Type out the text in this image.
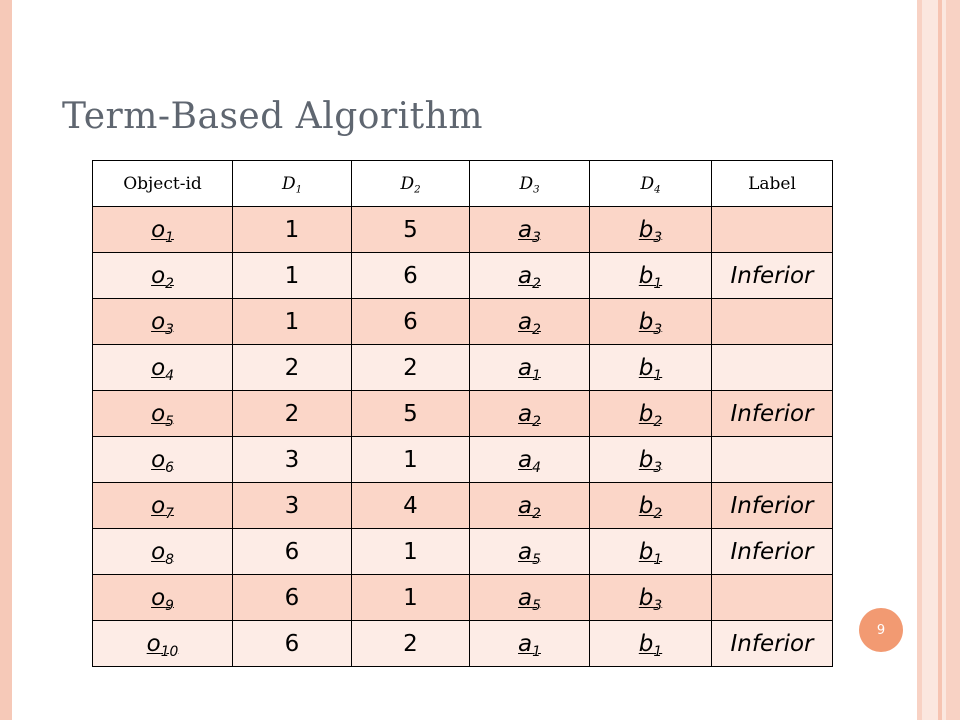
Term-Based Algorithm
Object-id	$D_1$	$D_2$	$D_3$	$D_4$	Label
$o_1$	1	5	$a_3$	$b_3$	
$o_2$	1	6	$a_2$	$b_1$	Inferior
$o_3$	1	6	$a_2$	$b_3$	
$o_4$	2	2	$a_1$	$b_1$	
$o_5$	2	5	$a_2$	$b_2$	Inferior
$o_6$	3	1	$a_4$	$b_3$	
$o_7$	3	4	$a_2$	$b_2$	Inferior
$o_8$	6	1	$a_5$	$b_1$	Inferior
$o_9$	6	1	$a_5$	$b_3$	
$o_{10}$	6	2	$a_1$	$b_1$	Inferior
9
